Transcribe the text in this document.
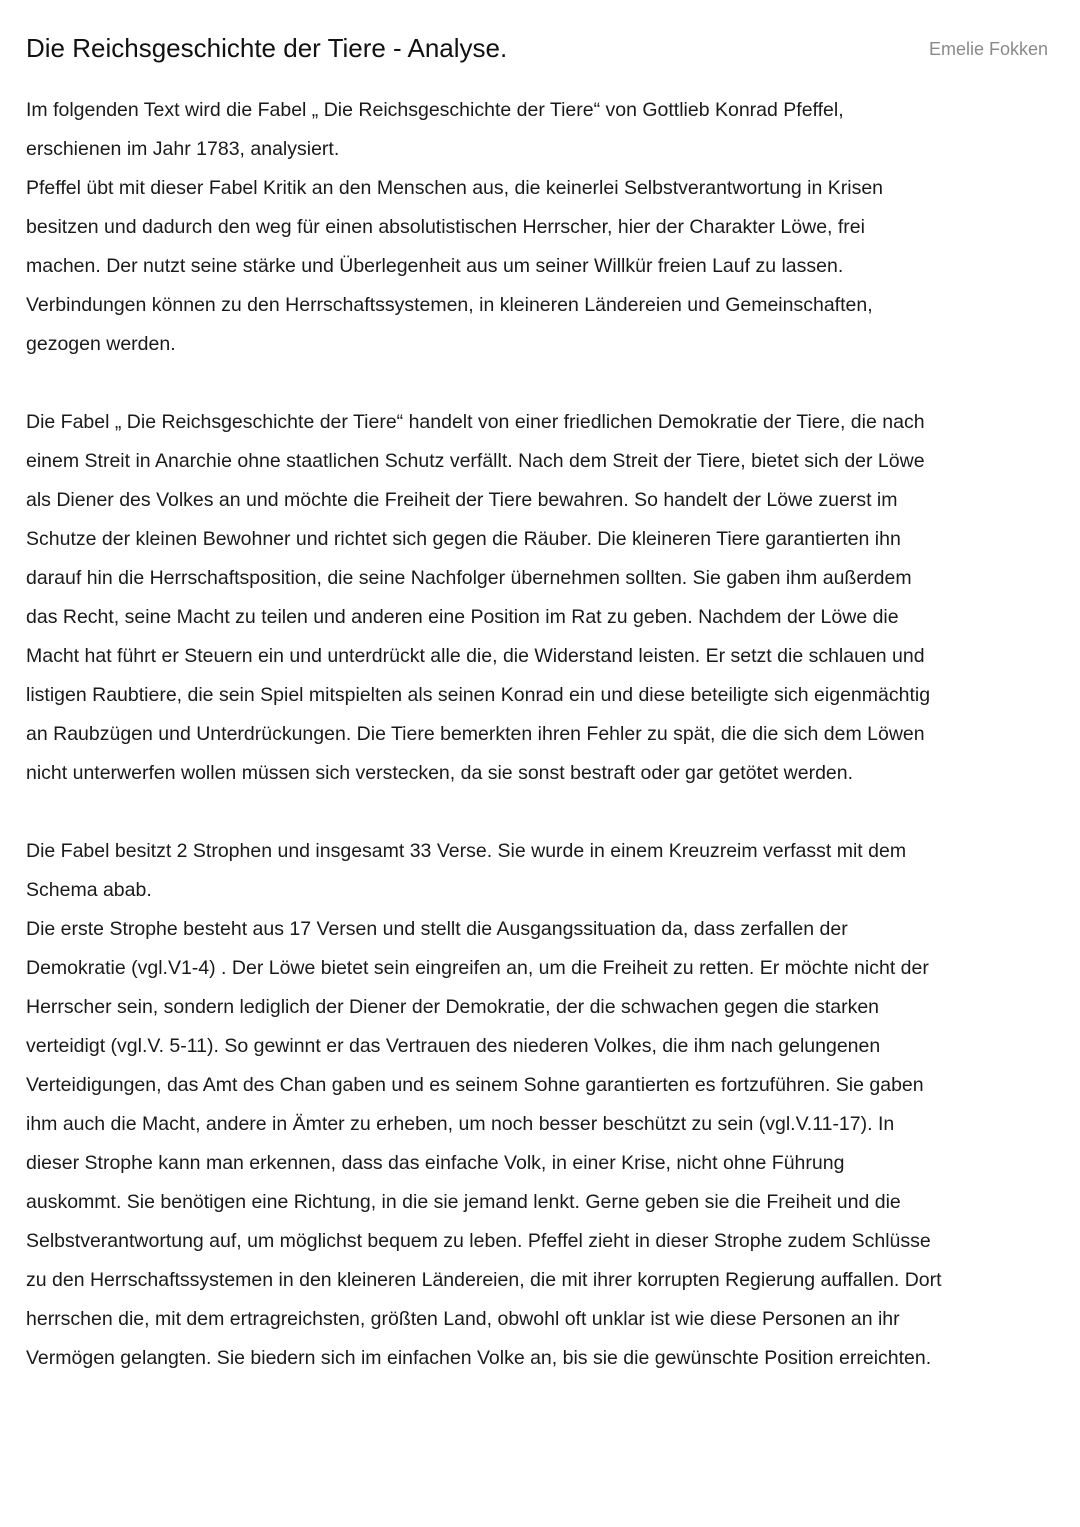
Die Reichsgeschichte der Tiere - Analyse.	Emelie Fokken

Im folgenden Text wird die Fabel „ Die Reichsgeschichte der Tiere“ von Gottlieb Konrad Pfeffel,
erschienen im Jahr 1783, analysiert.
Pfeffel übt mit dieser Fabel Kritik an den Menschen aus, die keinerlei Selbstverantwortung in Krisen
besitzen und dadurch den weg für einen absolutistischen Herrscher, hier der Charakter Löwe, frei
machen. Der nutzt seine stärke und Überlegenheit aus um seiner Willkür freien Lauf zu lassen.
Verbindungen können zu den Herrschaftssystemen, in kleineren Ländereien und Gemeinschaften,
gezogen werden.

Die Fabel „ Die Reichsgeschichte der Tiere“ handelt von einer friedlichen Demokratie der Tiere, die nach
einem Streit in Anarchie ohne staatlichen Schutz verfällt. Nach dem Streit der Tiere, bietet sich der Löwe
als Diener des Volkes an und möchte die Freiheit der Tiere bewahren. So handelt der Löwe zuerst im
Schutze der kleinen Bewohner und richtet sich gegen die Räuber. Die kleineren Tiere garantierten ihn
darauf hin die Herrschaftsposition, die seine Nachfolger übernehmen sollten. Sie gaben ihm außerdem
das Recht, seine Macht zu teilen und anderen eine Position im Rat zu geben. Nachdem der Löwe die
Macht hat führt er Steuern ein und unterdrückt alle die, die Widerstand leisten. Er setzt die schlauen und
listigen Raubtiere, die sein Spiel mitspielten als seinen Konrad ein und diese beteiligte sich eigenmächtig
an Raubzügen und Unterdrückungen. Die Tiere bemerkten ihren Fehler zu spät, die die sich dem Löwen
nicht unterwerfen wollen müssen sich verstecken, da sie sonst bestraft oder gar getötet werden.

Die Fabel besitzt 2 Strophen und insgesamt 33 Verse. Sie wurde in einem Kreuzreim verfasst mit dem
Schema abab.
Die erste Strophe besteht aus 17 Versen und stellt die Ausgangssituation da, dass zerfallen der
Demokratie (vgl.V1-4) . Der Löwe bietet sein eingreifen an, um die Freiheit zu retten. Er möchte nicht der
Herrscher sein, sondern lediglich der Diener der Demokratie, der die schwachen gegen die starken
verteidigt (vgl.V. 5-11). So gewinnt er das Vertrauen des niederen Volkes, die ihm nach gelungenen
Verteidigungen, das Amt des Chan gaben und es seinem Sohne garantierten es fortzuführen. Sie gaben
ihm auch die Macht, andere in Ämter zu erheben, um noch besser beschützt zu sein (vgl.V.11-17). In
dieser Strophe kann man erkennen, dass das einfache Volk, in einer Krise, nicht ohne Führung
auskommt. Sie benötigen eine Richtung, in die sie jemand lenkt. Gerne geben sie die Freiheit und die
Selbstverantwortung auf, um möglichst bequem zu leben. Pfeffel zieht in dieser Strophe zudem Schlüsse
zu den Herrschaftssystemen in den kleineren Ländereien, die mit ihrer korrupten Regierung auffallen. Dort
herrschen die, mit dem ertragreichsten, größten Land, obwohl oft unklar ist wie diese Personen an ihr
Vermögen gelangten. Sie biedern sich im einfachen Volke an, bis sie die gewünschte Position erreichten.
